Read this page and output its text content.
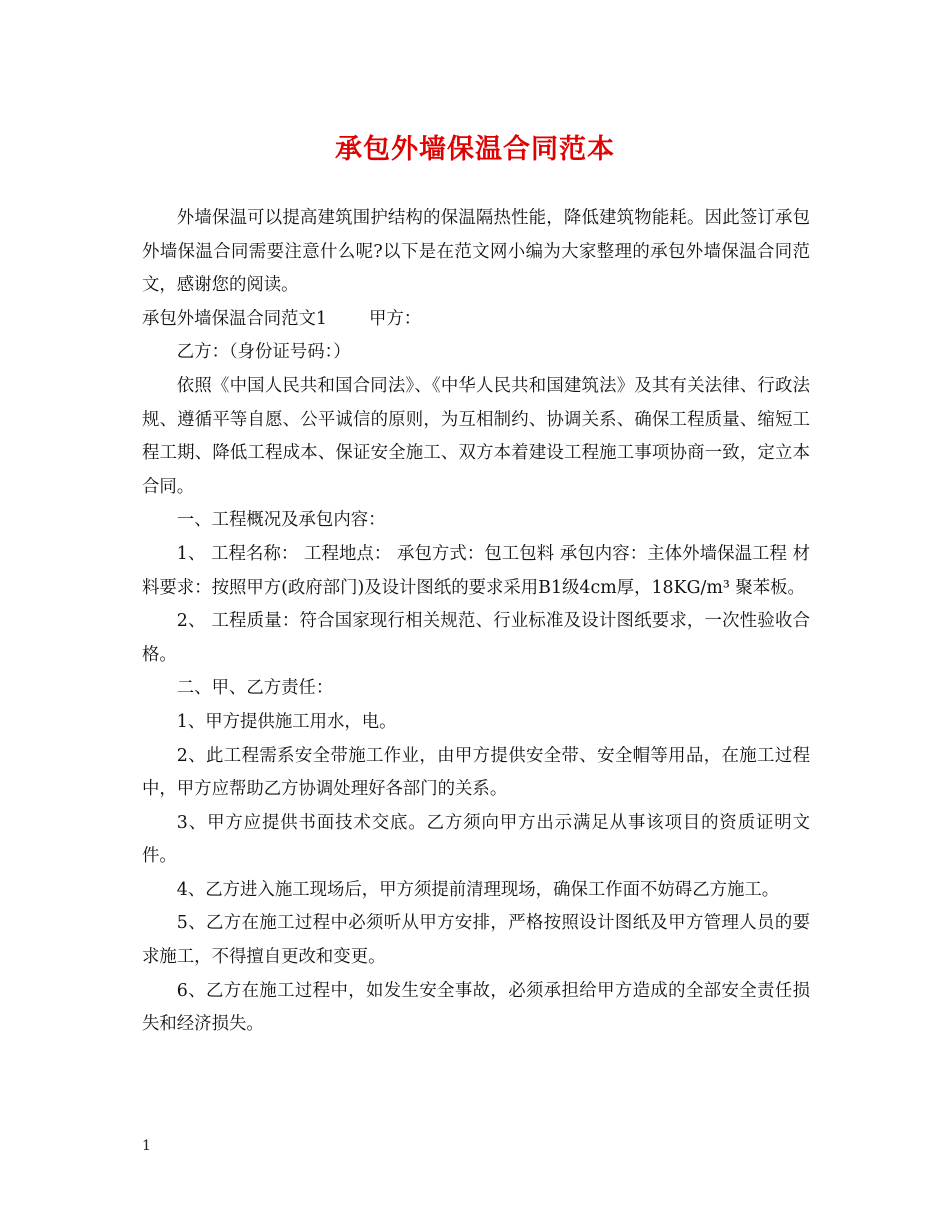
承包外墙保温合同范本

外墙保温可以提高建筑围护结构的保温隔热性能，降低建筑物能耗。因此签订承包外墙保温合同需要注意什么呢?以下是在范文网小编为大家整理的承包外墙保温合同范文，感谢您的阅读。

承包外墙保温合同范文1 甲方：

乙方：（身份证号码：）

依照《中国人民共和国合同法》、《中华人民共和国建筑法》及其有关法律、行政法规、遵循平等自愿、公平诚信的原则，为互相制约、协调关系、确保工程质量、缩短工程工期、降低工程成本、保证安全施工、双方本着建设工程施工事项协商一致，定立本合同。

一、工程概况及承包内容：

1、 工程名称： 工程地点： 承包方式：包工包料 承包内容：主体外墙保温工程 材料要求：按照甲方(政府部门)及设计图纸的要求采用B1级4cm厚，18KG/m³ 聚苯板。

2、 工程质量：符合国家现行相关规范、行业标准及设计图纸要求，一次性验收合格。

二、甲、乙方责任：

1、甲方提供施工用水，电。

2、此工程需系安全带施工作业，由甲方提供安全带、安全帽等用品，在施工过程中，甲方应帮助乙方协调处理好各部门的关系。

3、甲方应提供书面技术交底。乙方须向甲方出示满足从事该项目的资质证明文件。

4、乙方进入施工现场后，甲方须提前清理现场，确保工作面不妨碍乙方施工。

5、乙方在施工过程中必须听从甲方安排，严格按照设计图纸及甲方管理人员的要求施工，不得擅自更改和变更。

6、乙方在施工过程中，如发生安全事故，必须承担给甲方造成的全部安全责任损失和经济损失。

1
